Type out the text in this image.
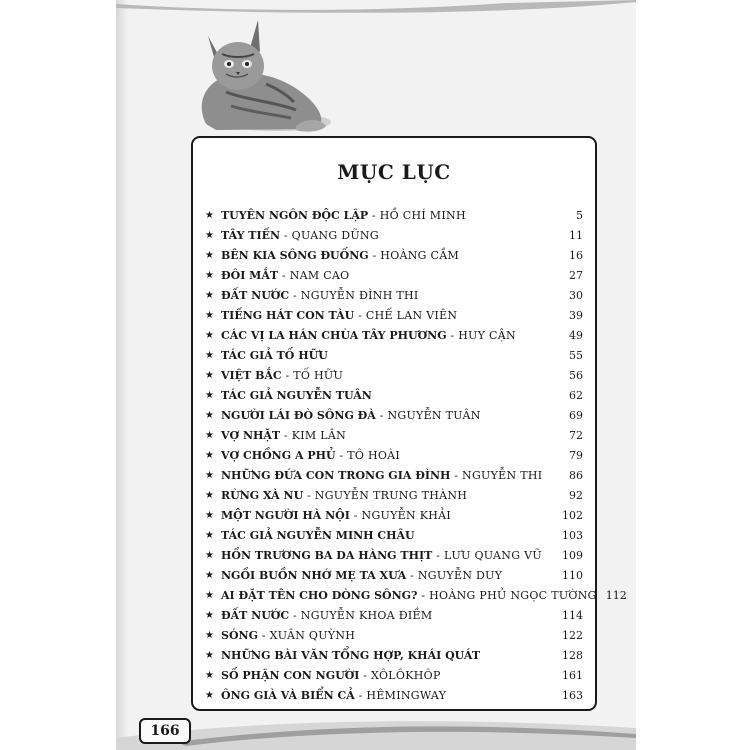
MỤC LỤC
★ TUYÊN NGÔN ĐỘC LẬP - HỒ CHÍ MINH	5
★ TÂY TIẾN - QUANG DŨNG	11
★ BÊN KIA SÔNG ĐUỐNG - HOÀNG CẦM	16
★ ĐÔI MẮT - NAM CAO	27
★ ĐẤT NƯỚC - NGUYỄN ĐÌNH THI	30
★ TIẾNG HÁT CON TÀU - CHẾ LAN VIÊN	39
★ CÁC VỊ LA HÁN CHÙA TÂY PHƯƠNG - HUY CẬN	49
★ TÁC GIẢ TỐ HỮU	55
★ VIỆT BẮC - TỐ HỮU	56
★ TÁC GIẢ NGUYỄN TUÂN	62
★ NGƯỜI LÁI ĐÒ SÔNG ĐÀ - NGUYỄN TUÂN	69
★ VỢ NHẶT - KIM LÂN	72
★ VỢ CHỒNG A PHỦ - TÔ HOÀI	79
★ NHỮNG ĐỨA CON TRONG GIA ĐÌNH - NGUYỄN THI	86
★ RỪNG XÀ NU - NGUYỄN TRUNG THÀNH	92
★ MỘT NGƯỜI HÀ NỘI - NGUYỄN KHẢI	102
★ TÁC GIẢ NGUYỄN MINH CHÂU	103
★ HỒN TRƯƠNG BA DA HÀNG THỊT - LƯU QUANG VŨ	109
★ NGỒI BUỒN NHỚ MẸ TA XƯA - NGUYỄN DUY	110
★ AI ĐẶT TÊN CHO DÒNG SÔNG? - HOÀNG PHỦ NGỌC TƯỜNG 112
★ ĐẤT NƯỚC - NGUYỄN KHOA ĐIỀM	114
★ SÓNG - XUÂN QUỲNH	122
★ NHỮNG BÀI VĂN TỔNG HỢP, KHÁI QUÁT	128
★ SỐ PHẬN CON NGƯỜI - XÔLÔKHÔP	161
★ ÔNG GIÀ VÀ BIỂN CẢ - HÊMINGWAY	163
166
